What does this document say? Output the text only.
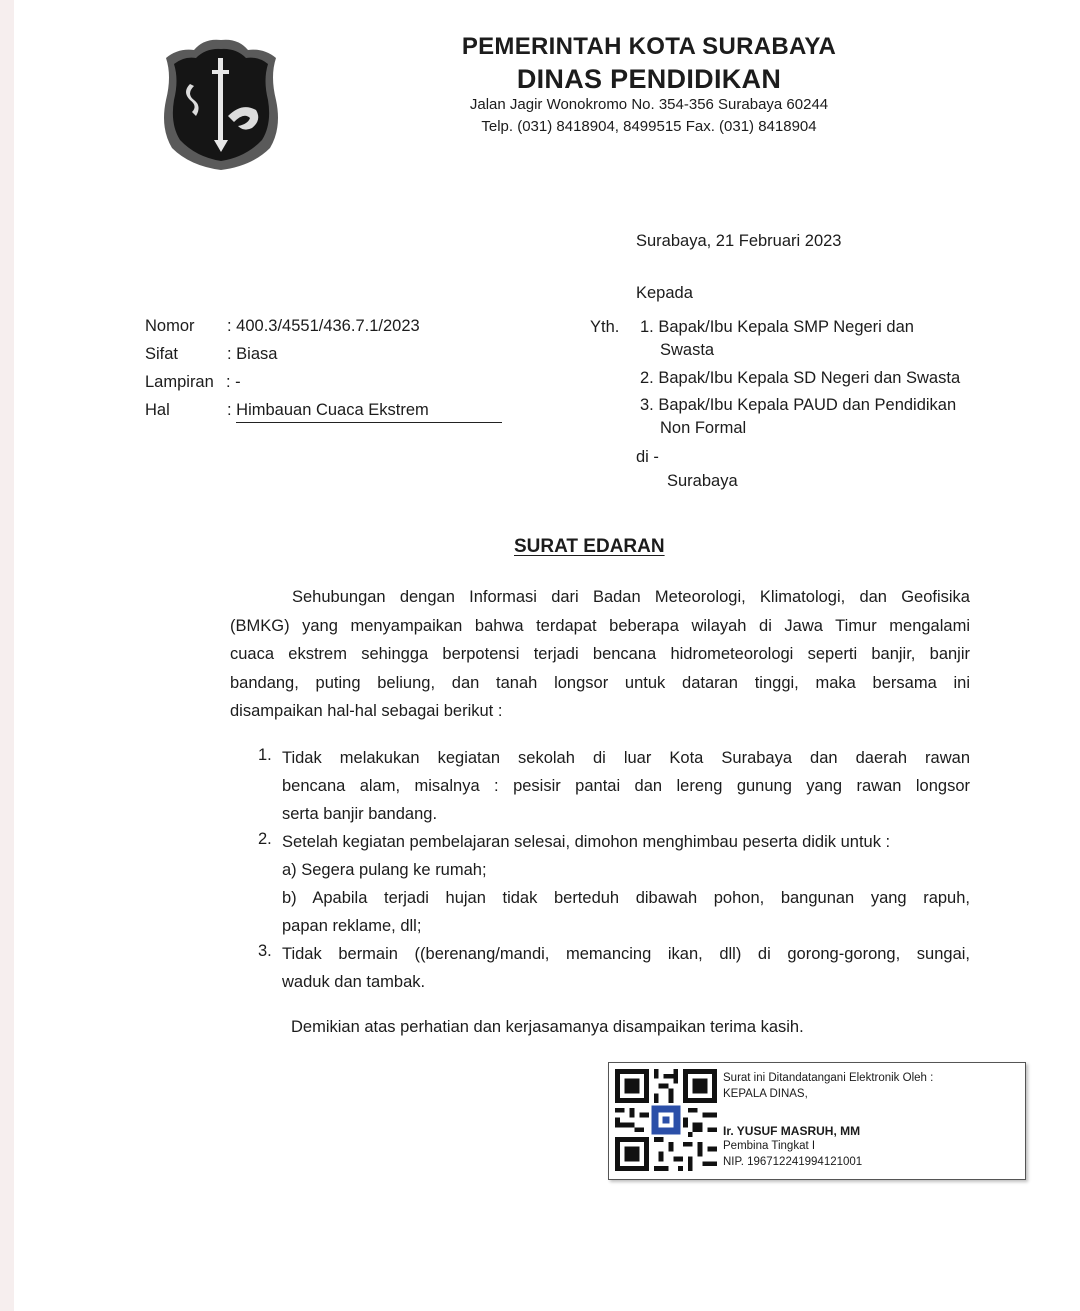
PEMERINTAH KOTA SURABAYA
DINAS PENDIDIKAN
Jalan Jagir Wonokromo No. 354-356 Surabaya 60244
Telp. (031) 8418904, 8499515 Fax. (031) 8418904
Surabaya, 21 Februari 2023
Kepada
Nomor : 400.3/4551/436.7.1/2023
Sifat	: Biasa
Lampiran : -
Hal	: Himbauan Cuaca Ekstrem
Yth. 1. Bapak/Ibu Kepala SMP Negeri dan
Swasta
2. Bapak/Ibu Kepala SD Negeri dan Swasta
3. Bapak/Ibu Kepala PAUD dan Pendidikan
Non Formal
di -
Surabaya
SURAT EDARAN
Sehubungan dengan Informasi dari Badan Meteorologi, Klimatologi, dan Geofisika
(BMKG) yang menyampaikan bahwa terdapat beberapa wilayah di Jawa Timur mengalami
cuaca ekstrem sehingga berpotensi terjadi bencana hidrometeorologi seperti banjir, banjir
bandang, puting beliung, dan tanah longsor untuk dataran tinggi, maka bersama ini
disampaikan hal-hal sebagai berikut :
1. Tidak melakukan kegiatan sekolah di luar Kota Surabaya dan daerah rawan
bencana alam, misalnya : pesisir pantai dan lereng gunung yang rawan longsor
serta banjir bandang.
2. Setelah kegiatan pembelajaran selesai, dimohon menghimbau peserta didik untuk :
a) Segera pulang ke rumah;
b) Apabila terjadi hujan tidak berteduh dibawah pohon, bangunan yang rapuh,
papan reklame, dll;
3. Tidak bermain ((berenang/mandi, memancing ikan, dll) di gorong-gorong, sungai,
waduk dan tambak.
Demikian atas perhatian dan kerjasamanya disampaikan terima kasih.
Surat ini Ditandatangani Elektronik Oleh :
KEPALA DINAS,
Ir. YUSUF MASRUH, MM
Pembina Tingkat I
NIP. 196712241994121001
